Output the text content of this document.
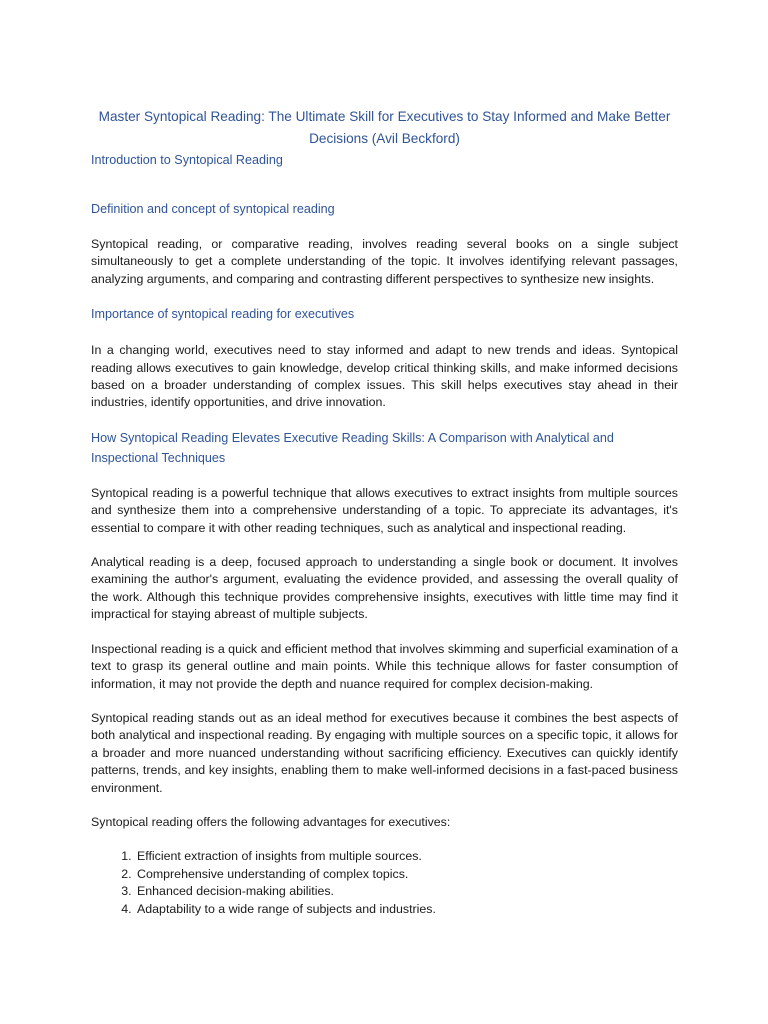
Master Syntopical Reading: The Ultimate Skill for Executives to Stay Informed and Make Better Decisions (Avil Beckford)
Introduction to Syntopical Reading
Definition and concept of syntopical reading

Syntopical reading, or comparative reading, involves reading several books on a single subject simultaneously to get a complete understanding of the topic. It involves identifying relevant passages, analyzing arguments, and comparing and contrasting different perspectives to synthesize new insights.

Importance of syntopical reading for executives

In a changing world, executives need to stay informed and adapt to new trends and ideas. Syntopical reading allows executives to gain knowledge, develop critical thinking skills, and make informed decisions based on a broader understanding of complex issues. This skill helps executives stay ahead in their industries, identify opportunities, and drive innovation.

How Syntopical Reading Elevates Executive Reading Skills: A Comparison with Analytical and Inspectional Techniques

Syntopical reading is a powerful technique that allows executives to extract insights from multiple sources and synthesize them into a comprehensive understanding of a topic. To appreciate its advantages, it's essential to compare it with other reading techniques, such as analytical and inspectional reading.

Analytical reading is a deep, focused approach to understanding a single book or document. It involves examining the author's argument, evaluating the evidence provided, and assessing the overall quality of the work. Although this technique provides comprehensive insights, executives with little time may find it impractical for staying abreast of multiple subjects.

Inspectional reading is a quick and efficient method that involves skimming and superficial examination of a text to grasp its general outline and main points. While this technique allows for faster consumption of information, it may not provide the depth and nuance required for complex decision-making.

Syntopical reading stands out as an ideal method for executives because it combines the best aspects of both analytical and inspectional reading. By engaging with multiple sources on a specific topic, it allows for a broader and more nuanced understanding without sacrificing efficiency. Executives can quickly identify patterns, trends, and key insights, enabling them to make well-informed decisions in a fast-paced business environment.

Syntopical reading offers the following advantages for executives:

1. Efficient extraction of insights from multiple sources.
2. Comprehensive understanding of complex topics.
3. Enhanced decision-making abilities.
4. Adaptability to a wide range of subjects and industries.
